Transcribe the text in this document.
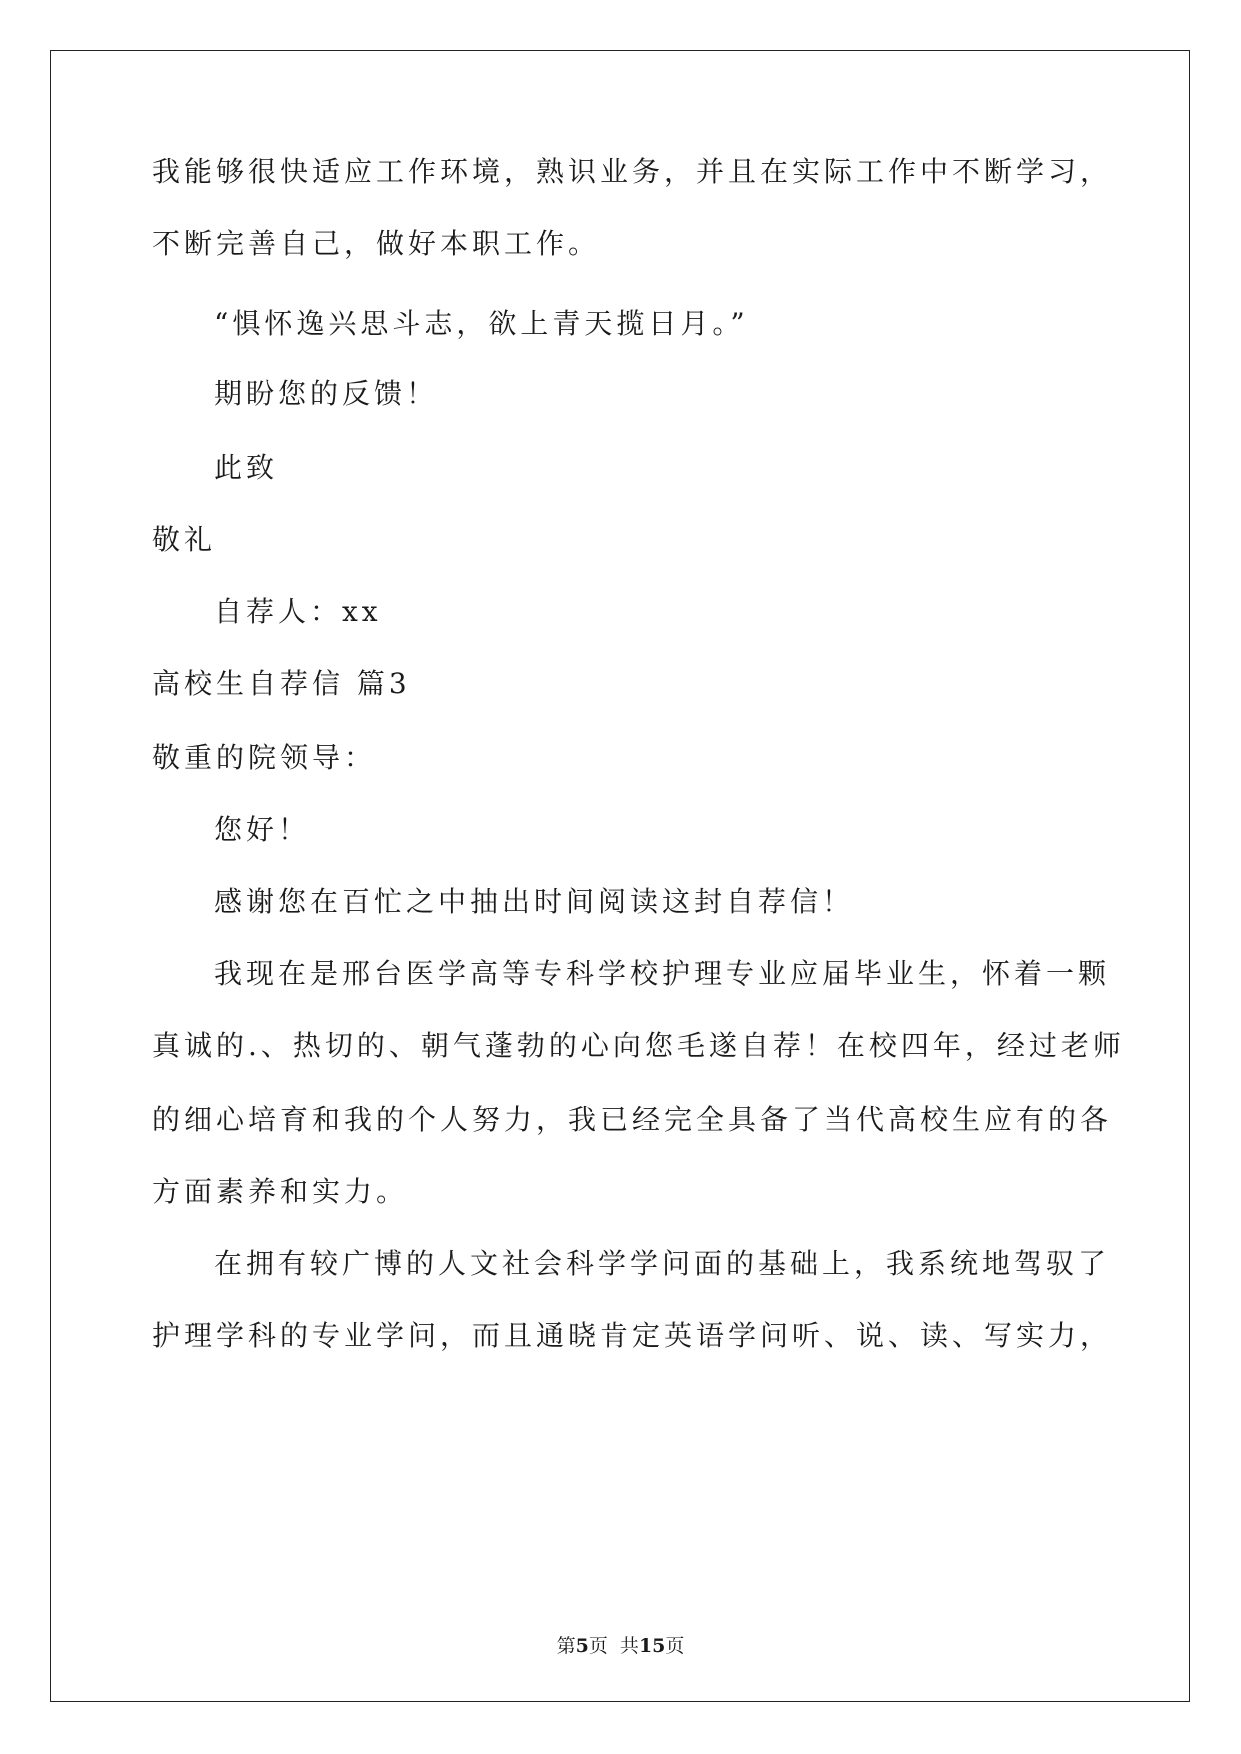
我能够很快适应工作环境，熟识业务，并且在实际工作中不断学习，
不断完善自己，做好本职工作。
“惧怀逸兴思斗志，欲上青天揽日月。”
期盼您的反馈！
此致
敬礼
自荐人：xx
高校生自荐信 篇3
敬重的院领导：
您好！
感谢您在百忙之中抽出时间阅读这封自荐信！
我现在是邢台医学高等专科学校护理专业应届毕业生，怀着一颗
真诚的.、热切的、朝气蓬勃的心向您毛遂自荐！在校四年，经过老师
的细心培育和我的个人努力，我已经完全具备了当代高校生应有的各
方面素养和实力。
在拥有较广博的人文社会科学学问面的基础上，我系统地驾驭了
护理学科的专业学问，而且通晓肯定英语学问听、说、读、写实力，
第5页  共15页
